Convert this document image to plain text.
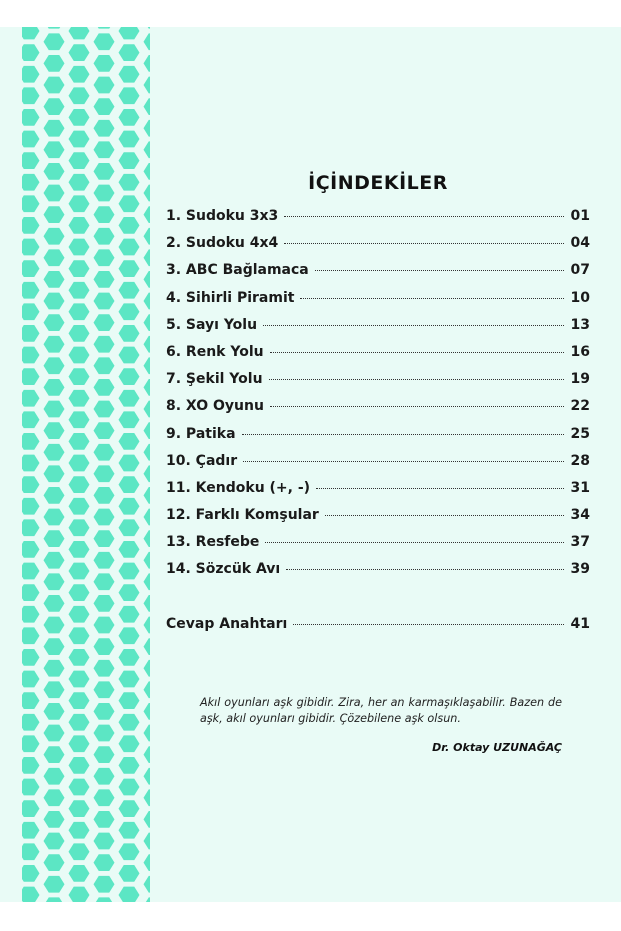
İÇİNDEKİLER
1. Sudoku 3x3	01
2. Sudoku 4x4	04
3. ABC Bağlamaca	07
4. Sihirli Piramit	10
5. Sayı Yolu	13
6. Renk Yolu	16
7. Şekil Yolu	19
8. XO Oyunu	22
9. Patika	25
10. Çadır	28
11. Kendoku (+, -)	31
12. Farklı Komşular	34
13. Resfebe	37
14. Sözcük Avı	39
Cevap Anahtarı	41
Akıl oyunları aşk gibidir. Zira, her an karmaşıklaşabilir. Bazen de aşk, akıl oyunları gibidir. Çözebilene aşk olsun.
Dr. Oktay UZUNAĞAÇ
